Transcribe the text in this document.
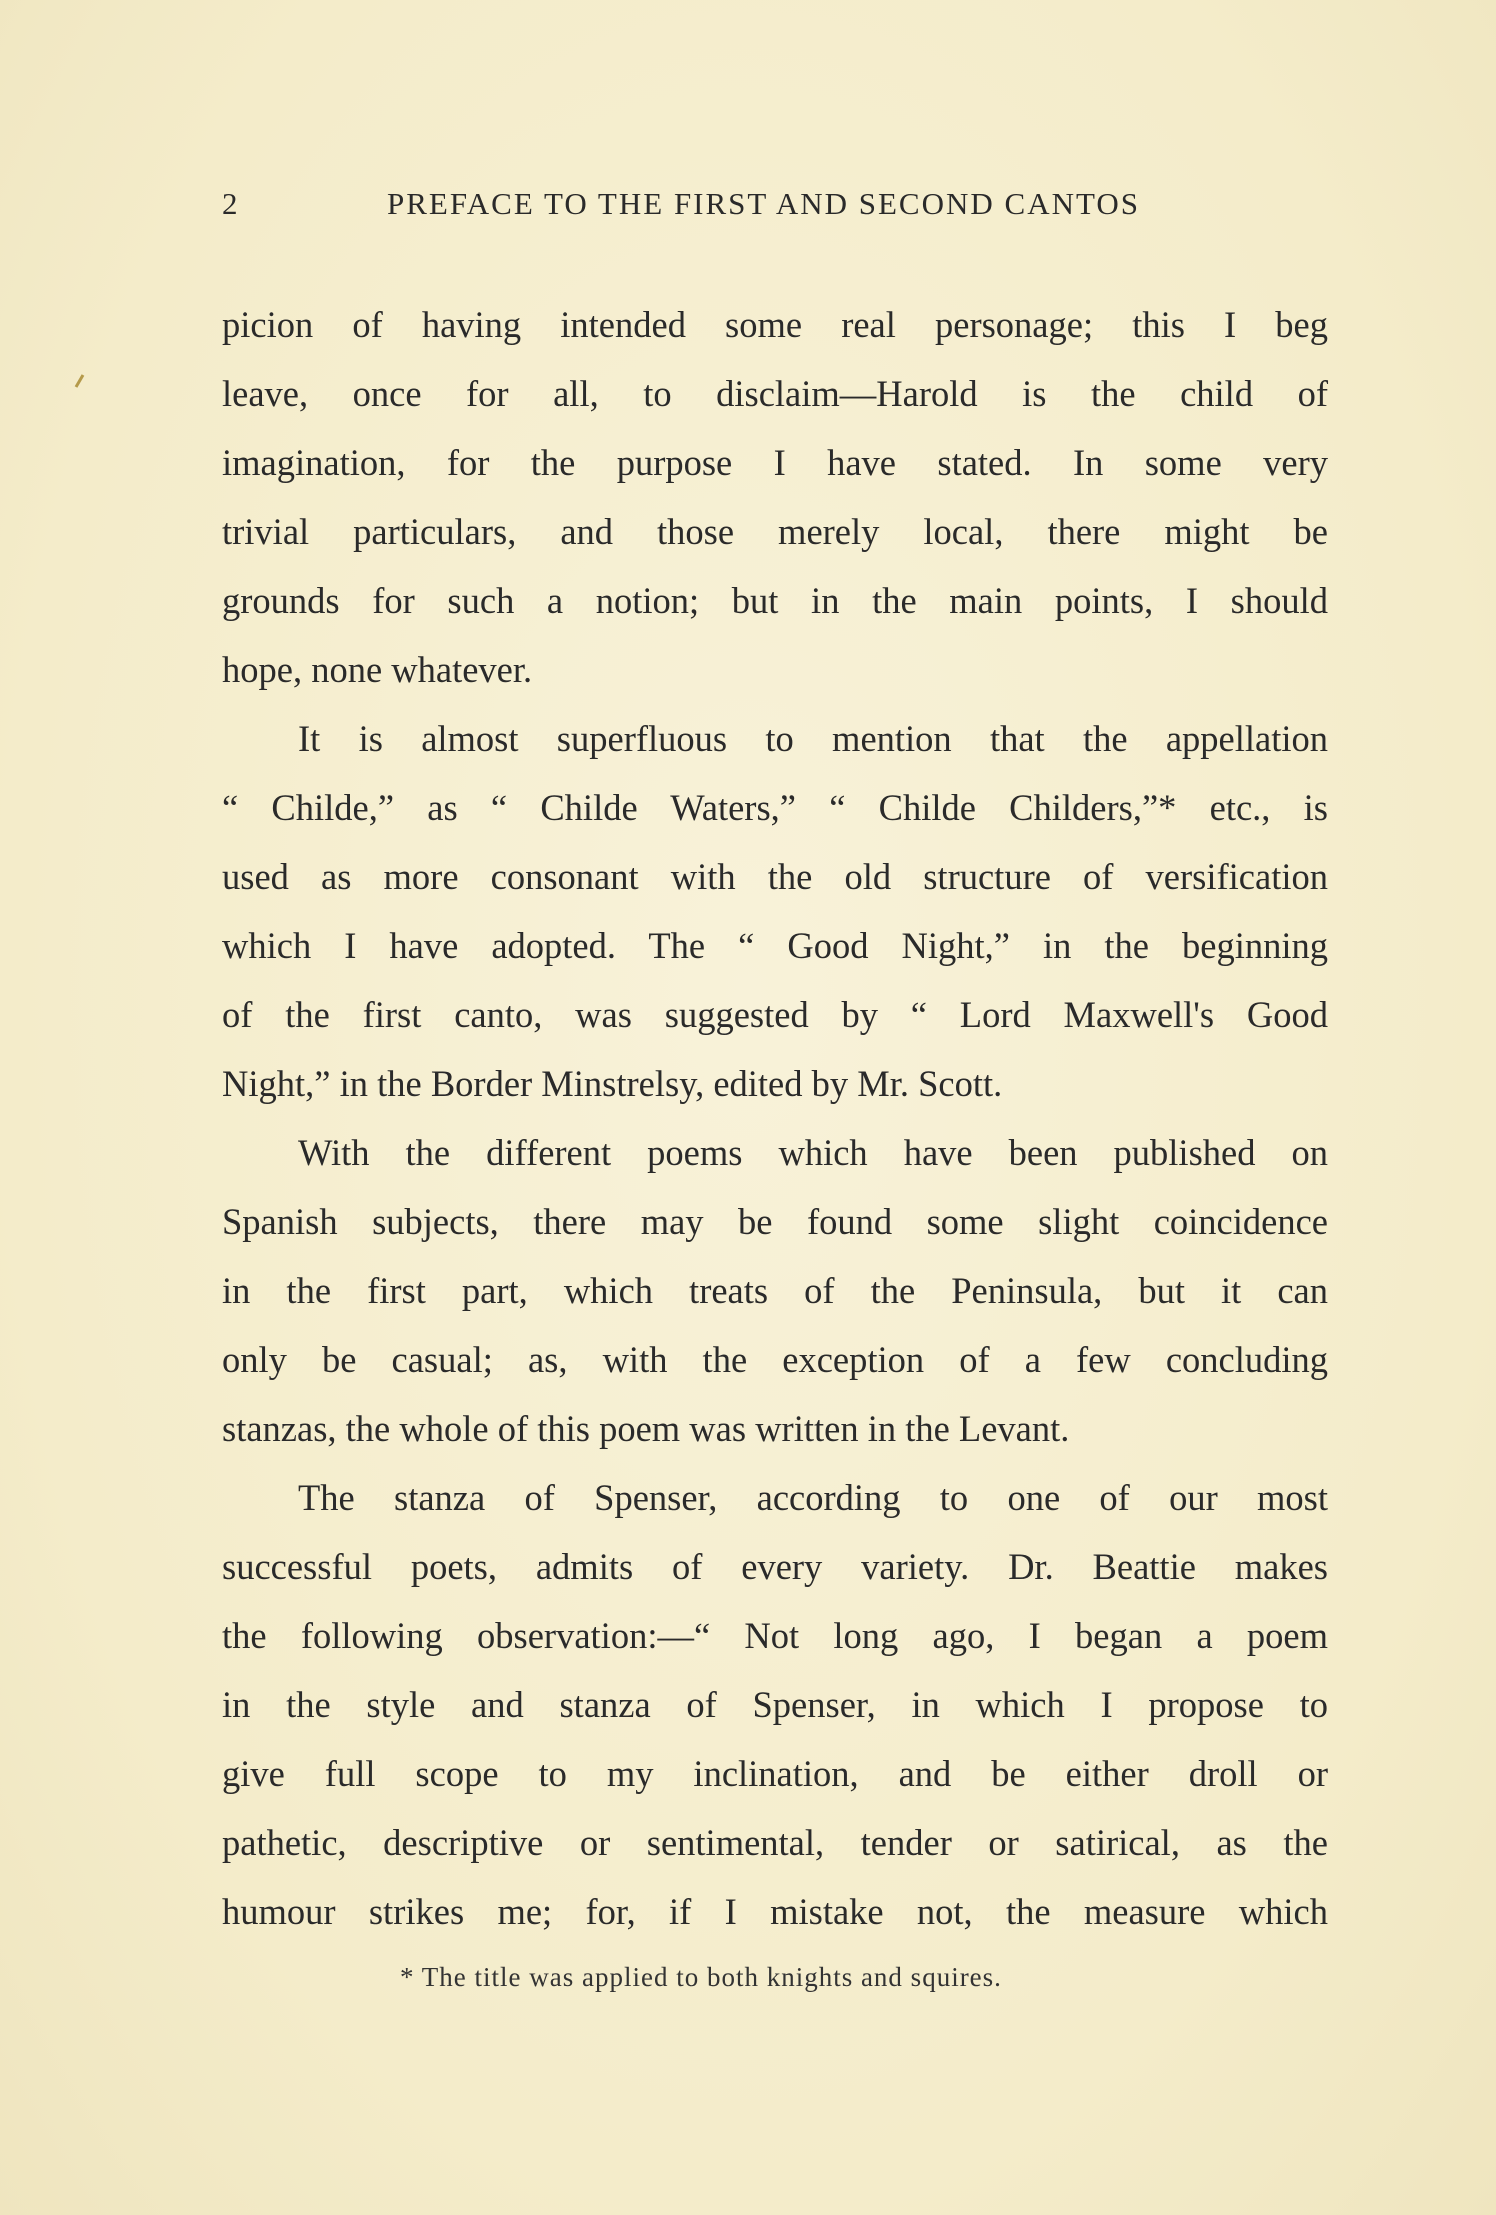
2	PREFACE TO THE FIRST AND SECOND CANTOS
picion of having intended some real personage; this I beg
leave, once for all, to disclaim—Harold is the child of
imagination, for the purpose I have stated. In some very
trivial particulars, and those merely local, there might be
grounds for such a notion; but in the main points, I should
hope, none whatever.
It is almost superfluous to mention that the appellation
“ Childe,” as “ Childe Waters,” “ Childe Childers,”* etc., is
used as more consonant with the old structure of versification
which I have adopted. The “ Good Night,” in the beginning
of the first canto, was suggested by “ Lord Maxwell's Good
Night,” in the Border Minstrelsy, edited by Mr. Scott.
With the different poems which have been published on
Spanish subjects, there may be found some slight coincidence
in the first part, which treats of the Peninsula, but it can
only be casual; as, with the exception of a few concluding
stanzas, the whole of this poem was written in the Levant.
The stanza of Spenser, according to one of our most
successful poets, admits of every variety. Dr. Beattie makes
the following observation:—“ Not long ago, I began a poem
in the style and stanza of Spenser, in which I propose to
give full scope to my inclination, and be either droll or
pathetic, descriptive or sentimental, tender or satirical, as the
humour strikes me; for, if I mistake not, the measure which
* The title was applied to both knights and squires.
